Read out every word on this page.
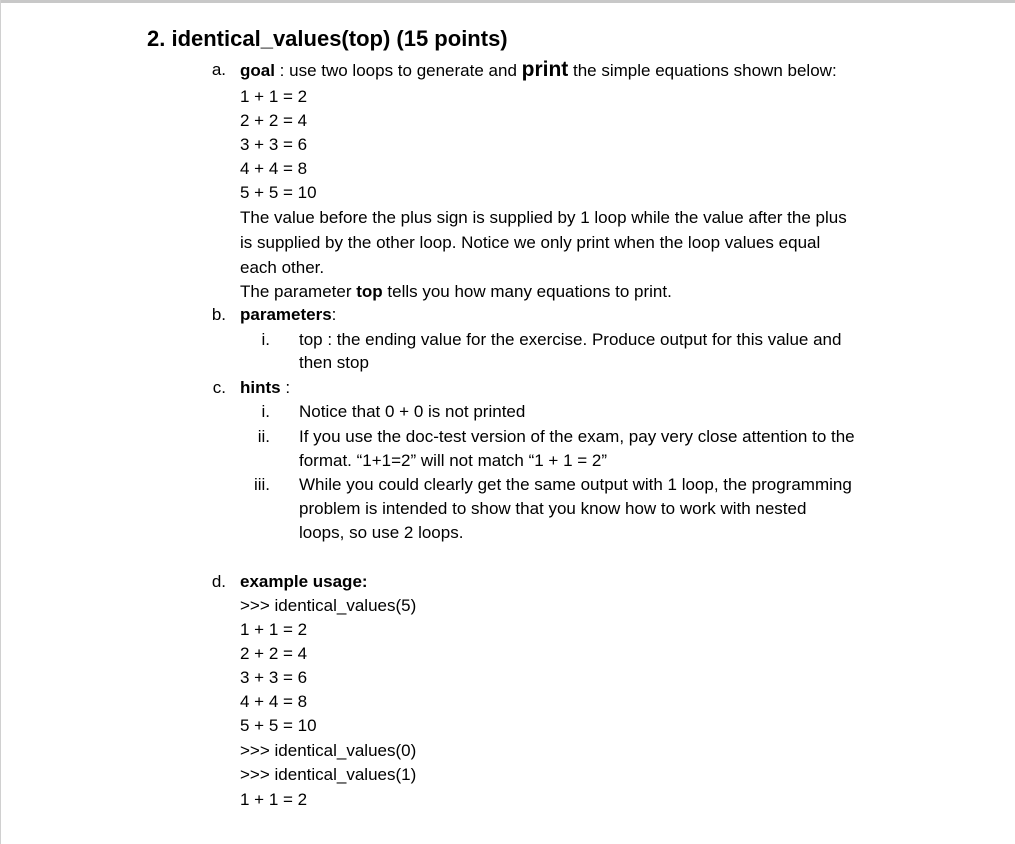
2. identical_values(top) (15 points)
a. goal : use two loops to generate and print the simple equations shown below:
1 + 1 = 2
2 + 2 = 4
3 + 3 = 6
4 + 4 = 8
5 + 5 = 10
The value before the plus sign is supplied by 1 loop while the value after the plus
is supplied by the other loop. Notice we only print when the loop values equal
each other.
The parameter top tells you how many equations to print.
b. parameters:
i. top : the ending value for the exercise. Produce output for this value and
then stop
c. hints :
i. Notice that 0 + 0 is not printed
ii. If you use the doc-test version of the exam, pay very close attention to the
format. “1+1=2” will not match “1 + 1 = 2”
iii. While you could clearly get the same output with 1 loop, the programming
problem is intended to show that you know how to work with nested
loops, so use 2 loops.
d. example usage:
>>> identical_values(5)
1 + 1 = 2
2 + 2 = 4
3 + 3 = 6
4 + 4 = 8
5 + 5 = 10
>>> identical_values(0)
>>> identical_values(1)
1 + 1 = 2
